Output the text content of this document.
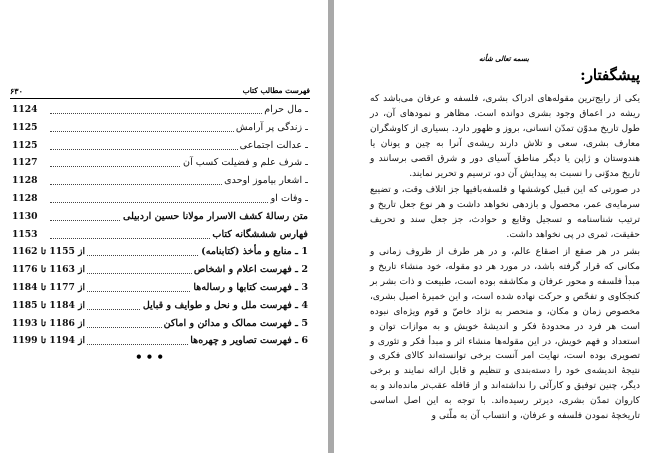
۶۳۰	فهرست مطالب کتاب
ـ مال حرام
1124
ـ زندگی پر آرامش
1125
ـ عدالت اجتماعی
1125
ـ شرف علم و فضیلت کسب آن
1127
ـ اشعار بیاموز اوحدی
1128
ـ وفات او
1128
متن رسالهٔ کشف الاسرار مولانا حسین اردبیلی
1130
فهارس شششگانه کتاب
1153
1 ـ منابع و مأخذ (کتابنامه)
از 1155 تا 1162
2 ـ فهرست اعلام و اشخاص
از 1163 تا 1176
3 ـ فهرست کتابها و رساله‌ها
از 1177 تا 1184
4 ـ فهرست ملل و نحل و طوایف و قبایل
از 1184 تا 1185
5 ـ فهرست ممالک و مدائن و اماکن
از 1186 تا 1193
6 ـ فهرست تصاویر و چهره‌ها
از 1194 تا 1199
•••
بسمه تعالی شأنه
پیشگفتار:

یکی از رایج‌ترین مقوله‌های ادراک بشری، فلسفه و عرفان می‌باشد که ریشه در اعماق وجود بشری دوانده است. مظاهر و نمودهای آن، در طول تاریخ مدوّن تمدّن انسانی، بروز و ظهور دارد. بسیاری از کاوشگران معارف بشری، سعی و تلاش دارند ریشه‌ی آنرا به چین و یونان یا هندوستان و ژاپن یا دیگر مناطق آسیای دور و شرق اقصی برسانند و تاریخ مدوّنی را نسبت به پیدایش آن دو، ترسیم و تحریر نمایند.

در صورتی که این قبیل کوششها و فلسفه‌بافیها جز اتلاف وقت، و تضییع سرمایه‌ی عمر، محصول و بازدهی نخواهد داشت و هر نوع جعل تاریخ و ترتیب شناسنامه و تسجیل وقایع و حوادث، جز جعل سند و تحریف حقیقت، ثمری در پی نخواهد داشت.

بشر در هر صقع از اصقاع عالم، و در هر طرف از ظروف زمانی و مکانی که قرار گرفته باشد، در مورد هر دو مقوله، خود منشاء تاریخ و مبدأ فلسفه و محور عرفان و مکاشفه بوده است، طبیعت و ذات بشر بر کنجکاوی و تفحّص و حرکت نهاده شده است، و این خمیرهٔ اصیل بشری، مخصوص زمان و مکان، و منحصر به نژاد خاصّ و قوم ویژه‌ای نبوده است هر فرد در محدودهٔ فکر و اندیشهٔ خویش و به موازات توان و استعداد و فهم خویش، در این مقوله‌ها منشاء اثر و مبدأ فکر و تئوری و تصویری بوده است، نهایت امر آنست برخی توانسته‌اند کالای فکری و نتیجهٔ اندیشه‌ی خود را دسته‌بندی و تنظیم و قابل ارائه نمایند و برخی دیگر، چنین توفیق و کارآئی را نداشته‌اند و از قافله عقب‌تر مانده‌اند و به کاروان تمدّن بشری، دیرتر رسیده‌اند. با توجه به این اصل اساسی تاریخچهٔ نمودن فلسفه و عرفان، و انتساب آن به ملّتی و
